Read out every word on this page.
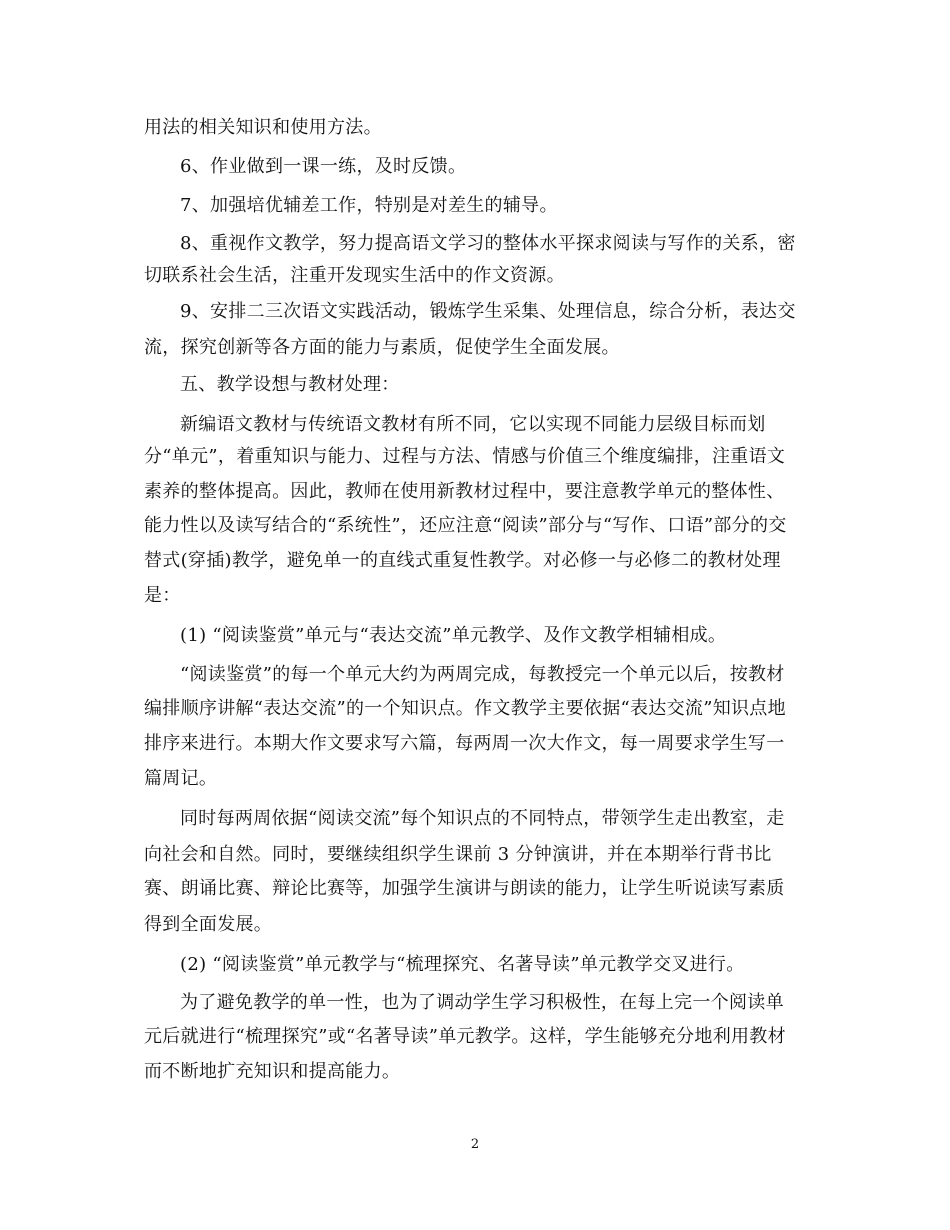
用法的相关知识和使用方法。
6、作业做到一课一练，及时反馈。
7、加强培优辅差工作，特别是对差生的辅导。
8、重视作文教学，努力提高语文学习的整体水平探求阅读与写作的关系，密
切联系社会生活，注重开发现实生活中的作文资源。
9、安排二三次语文实践活动，锻炼学生采集、处理信息，综合分析，表达交
流，探究创新等各方面的能力与素质，促使学生全面发展。
五、教学设想与教材处理：
新编语文教材与传统语文教材有所不同，它以实现不同能力层级目标而划
分“单元”，着重知识与能力、过程与方法、情感与价值三个维度编排，注重语文
素养的整体提高。因此，教师在使用新教材过程中，要注意教学单元的整体性、
能力性以及读写结合的“系统性”，还应注意“阅读”部分与“写作、口语”部分的交
替式(穿插)教学，避免单一的直线式重复性教学。对必修一与必修二的教材处理
是：
(1) “阅读鉴赏”单元与“表达交流”单元教学、及作文教学相辅相成。
“阅读鉴赏”的每一个单元大约为两周完成，每教授完一个单元以后，按教材
编排顺序讲解“表达交流”的一个知识点。作文教学主要依据“表达交流”知识点地
排序来进行。本期大作文要求写六篇，每两周一次大作文，每一周要求学生写一
篇周记。
同时每两周依据“阅读交流”每个知识点的不同特点，带领学生走出教室，走
向社会和自然。同时，要继续组织学生课前 3 分钟演讲，并在本期举行背书比
赛、朗诵比赛、辩论比赛等，加强学生演讲与朗读的能力，让学生听说读写素质
得到全面发展。
(2) “阅读鉴赏”单元教学与“梳理探究、名著导读”单元教学交叉进行。
为了避免教学的单一性，也为了调动学生学习积极性，在每上完一个阅读单
元后就进行“梳理探究”或“名著导读”单元教学。这样，学生能够充分地利用教材
而不断地扩充知识和提高能力。
2
